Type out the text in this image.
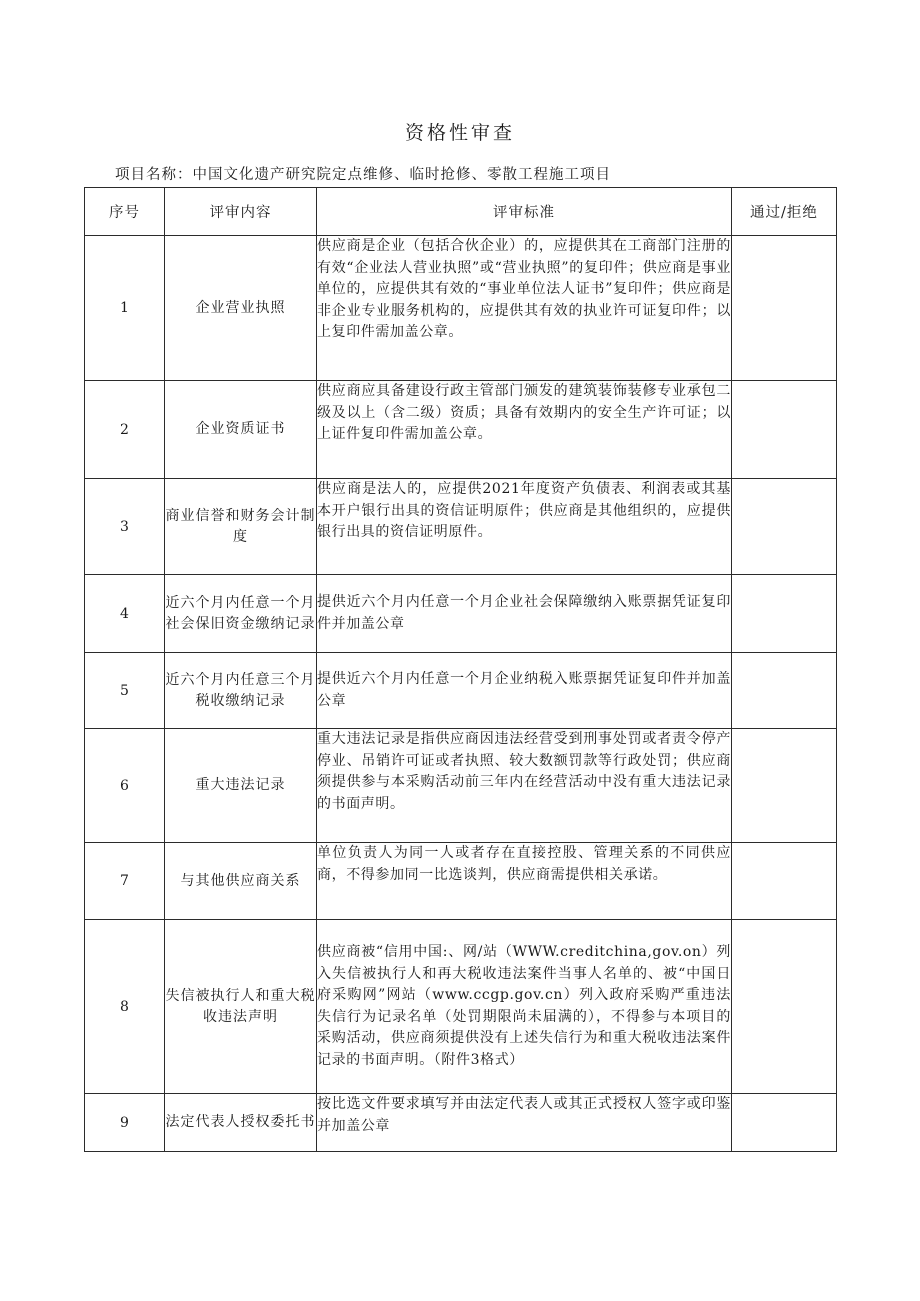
资格性审查
项目名称：中国文化遗产研究院定点维修、临时抢修、零散工程施工项目
序号	评审内容	评审标准	通过/拒绝
1	企业营业执照	供应商是企业（包括合伙企业）的，应提供其在工商部门注册的有效“企业法人营业执照”或“营业执照”的复印件；供应商是事业单位的，应提供其有效的“事业单位法人证书”复印件；供应商是非企业专业服务机构的，应提供其有效的执业许可证复印件；以上复印件需加盖公章。	
2	企业资质证书	供应商应具备建设行政主管部门颁发的建筑装饰装修专业承包二级及以上（含二级）资质；具备有效期内的安全生产许可证；以上证件复印件需加盖公章。	
3	商业信誉和财务会计制度	供应商是法人的，应提供2021年度资产负债表、利润表或其基本开户银行出具的资信证明原件；供应商是其他组织的，应提供银行出具的资信证明原件。	
4	近六个月内任意一个月社会保旧资金缴纳记录	提供近六个月内任意一个月企业社会保障缴纳入账票据凭证复印件并加盖公章	
5	近六个月内任意三个月税收缴纳记录	提供近六个月内任意一个月企业纳税入账票据凭证复印件并加盖公章	
6	重大违法记录	重大违法记录是指供应商因违法经营受到刑事处罚或者责令停产停业、吊销许可证或者执照、较大数额罚款等行政处罚；供应商须提供参与本采购活动前三年内在经营活动中没有重大违法记录的书面声明。	
7	与其他供应商关系	单位负责人为同一人或者存在直接控股、管理关系的不同供应商，不得参加同一比选谈判，供应商需提供相关承诺。	
8	失信被执行人和重大税收违法声明	供应商被“信用中国:、网/站（WWW.creditchina,gov.on）列入失信被执行人和再大税收违法案件当事人名单的、被“中国日府采购网”网站（www.ccgp.gov.cn）列入政府采购严重违法失信行为记录名单（处罚期限尚未届满的），不得参与本项目的采购活动，供应商须提供没有上述失信行为和重大税收违法案件记录的书面声明。（附件3格式）	
9	法定代表人授权委托书	按比选文件要求填写并由法定代表人或其正式授权人签字或印鉴并加盖公章	
